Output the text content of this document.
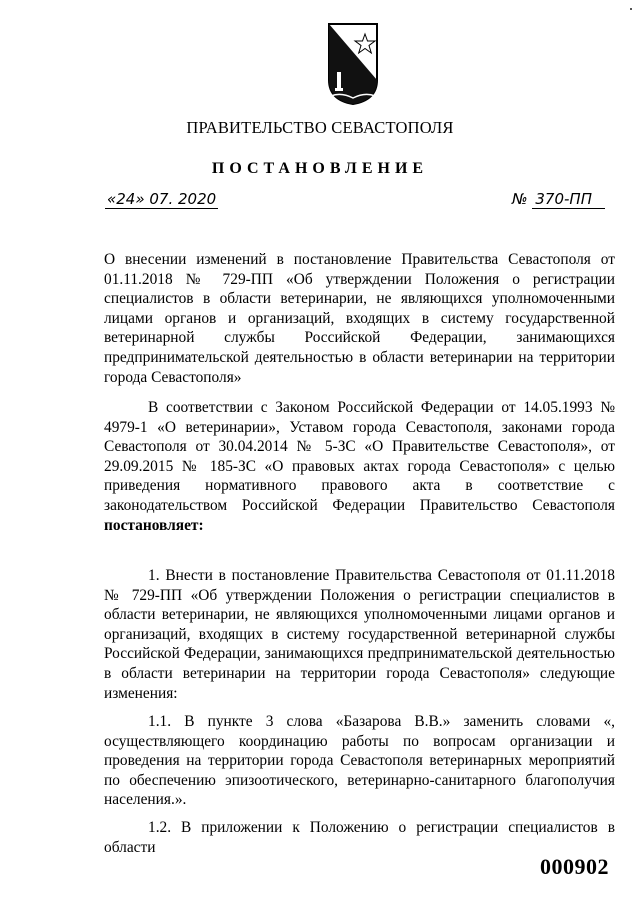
ПРАВИТЕЛЬСТВО СЕВАСТОПОЛЯ
ПОСТАНОВЛЕНИЕ
«24» 07. 2020	№ 370-ПП

О внесении изменений в постановление Правительства Севастополя от 01.11.2018 № 729-ПП «Об утверждении Положения о регистрации специалистов в области ветеринарии, не являющихся уполномоченными лицами органов и организаций, входящих в систему государственной ветеринарной службы Российской Федерации, занимающихся предпринимательской деятельностью в области ветеринарии на территории города Севастополя»

В соответствии с Законом Российской Федерации от 14.05.1993 № 4979-1 «О ветеринарии», Уставом города Севастополя, законами города Севастополя от 30.04.2014 № 5-ЗС «О Правительстве Севастополя», от 29.09.2015 № 185-ЗС «О правовых актах города Севастополя» с целью приведения нормативного правового акта в соответствие с законодательством Российской Федерации Правительство Севастополя постановляет:

1. Внести в постановление Правительства Севастополя от 01.11.2018 № 729-ПП «Об утверждении Положения о регистрации специалистов в области ветеринарии, не являющихся уполномоченными лицами органов и организаций, входящих в систему государственной ветеринарной службы Российской Федерации, занимающихся предпринимательской деятельностью в области ветеринарии на территории города Севастополя» следующие изменения:

1.1. В пункте 3 слова «Базарова В.В.» заменить словами «, осуществляющего координацию работы по вопросам организации и проведения на территории города Севастополя ветеринарных мероприятий по обеспечению эпизоотического, ветеринарно-санитарного благополучия населения.».

1.2. В приложении к Положению о регистрации специалистов в области

000902
